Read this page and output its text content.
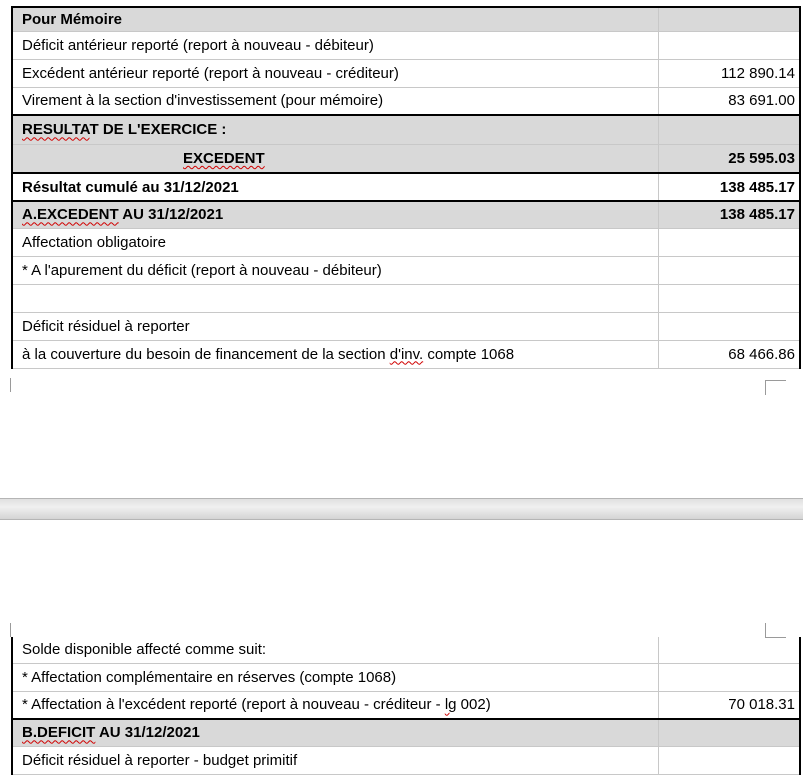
Pour Mémoire	
Déficit antérieur reporté (report à nouveau - débiteur)	
Excédent antérieur reporté (report à nouveau - créditeur)	112 890.14
Virement à la section d'investissement (pour mémoire)	83 691.00
RESULTAT DE L'EXERCICE :	
EXCEDENT	25 595.03
Résultat cumulé au 31/12/2021	138 485.17
A.EXCEDENT AU 31/12/2021	138 485.17
Affectation obligatoire	
* A l'apurement du déficit (report à nouveau - débiteur)	

Déficit résiduel à reporter	
à la couverture du besoin de financement de la section d'inv. compte 1068	68 466.86
Solde disponible affecté comme suit:	
* Affectation complémentaire en réserves (compte 1068)	
* Affectation à l'excédent reporté (report à nouveau - créditeur - lg 002)	70 018.31
B.DEFICIT AU 31/12/2021	
Déficit résiduel à reporter - budget primitif	
